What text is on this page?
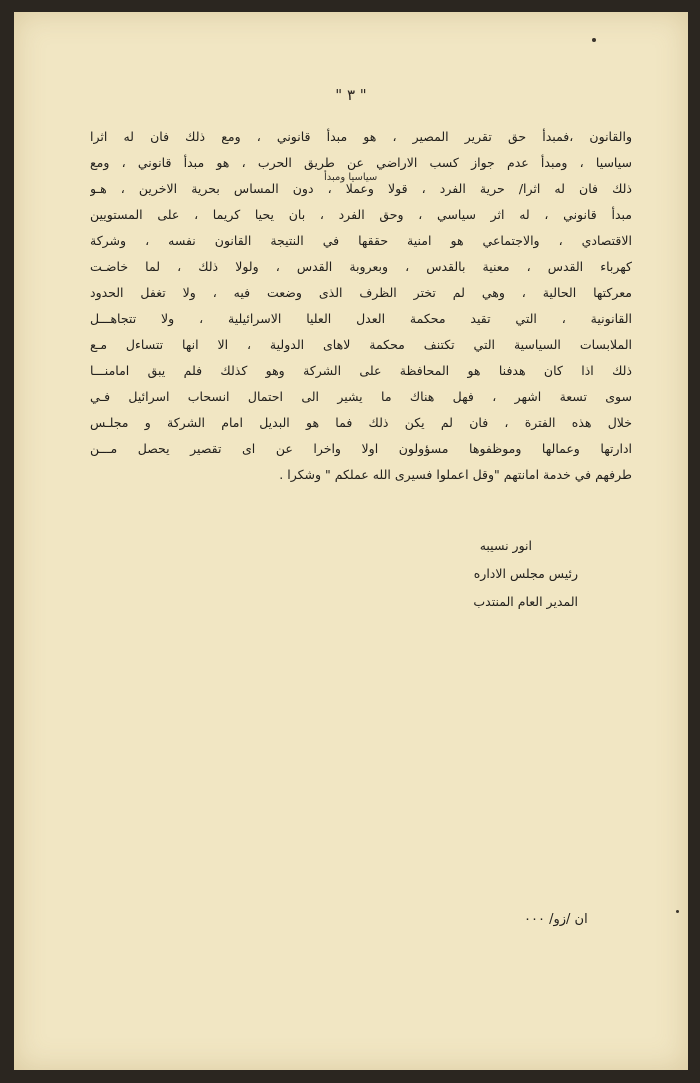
" ٣ "
والقانون ،فمبدأ حق تقرير المصير ، هو مبدأ قانوني ، ومع ذلك فان له اثرا
سياسيا ، ومبدأ عدم جواز كسب الاراضي عن طريق الحرب ، هو مبدأ قانوني ، ومع
ذلك فان له اثرا/ حرية الفرد ، قولا وعملا ، دون المساس بحرية الاخرين ، هـو
مبدأ قانوني ، له اثر سياسي ، وحق الفرد ، بان يحيا كريما ، على المستويين
الاقتصادي ، والاجتماعي هو امنية حققها في النتيجة القانون نفسه ، وشركة
كهرباء القدس ، معنية بالقدس ، وبعروبة القدس ، ولولا ذلك ، لما خاضـت
معركتها الحالية ، وهي لم تختر الظرف الذى وضعت فيه ، ولا تغفل الحدود
القانونية ، التي تقيد محكمة العدل العليا الاسرائيلية ، ولا تتجاهـــل
الملابسات السياسية التي تكتنف محكمة لاهاى الدولية ، الا انها تتساءل مـع
ذلك اذا كان هدفنا هو المحافظة على الشركة وهو كذلك فلم يبق امامنـــا
سوى تسعة اشهر ، فهل هناك ما يشير الى احتمال انسحاب اسرائيل فـي
خلال هذه الفترة ، فان لم يكن ذلك فما هو البديل امام الشركة و مجلـس
ادارتها وعمالها وموظفوها مسؤولون اولا واخرا عن اى تقصير يحصل مـــن
طرفهم في خدمة امانتهم "وقل اعملوا فسيرى الله عملكم " وشكرا .
سياسيا ومبدأ
انور نسيبه
رئيس مجلس الاداره
المدير العام المنتدب
ان /زو/ ٠٠٠
